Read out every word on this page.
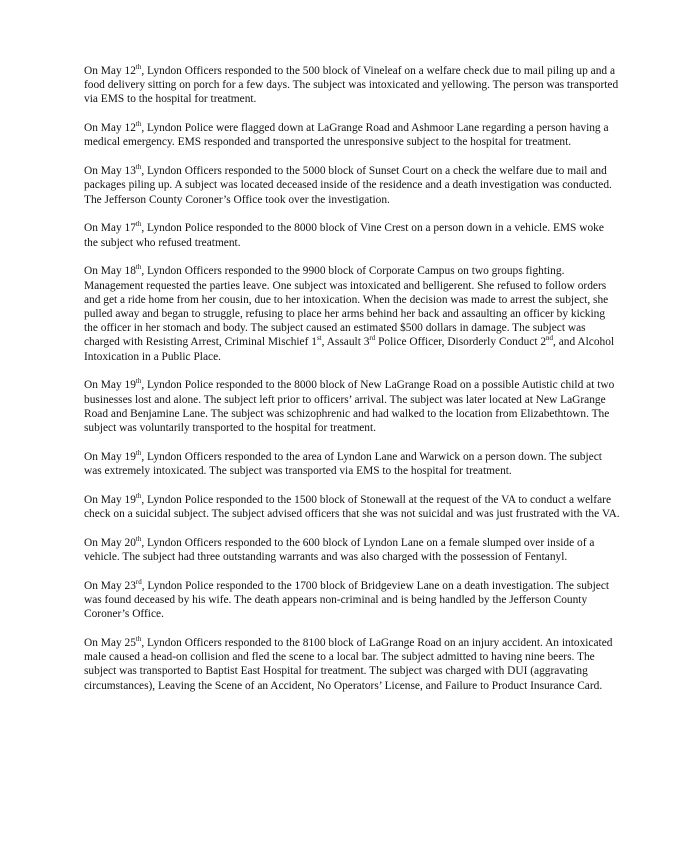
On May 12th, Lyndon Officers responded to the 500 block of Vineleaf on a welfare check due to mail piling up and a food delivery sitting on porch for a few days. The subject was intoxicated and yellowing. The person was transported via EMS to the hospital for treatment.

On May 12th, Lyndon Police were flagged down at LaGrange Road and Ashmoor Lane regarding a person having a medical emergency. EMS responded and transported the unresponsive subject to the hospital for treatment.

On May 13th, Lyndon Officers responded to the 5000 block of Sunset Court on a check the welfare due to mail and packages piling up. A subject was located deceased inside of the residence and a death investigation was conducted. The Jefferson County Coroner’s Office took over the investigation.

On May 17th, Lyndon Police responded to the 8000 block of Vine Crest on a person down in a vehicle. EMS woke the subject who refused treatment.

On May 18th, Lyndon Officers responded to the 9900 block of Corporate Campus on two groups fighting. Management requested the parties leave. One subject was intoxicated and belligerent. She refused to follow orders and get a ride home from her cousin, due to her intoxication. When the decision was made to arrest the subject, she pulled away and began to struggle, refusing to place her arms behind her back and assaulting an officer by kicking the officer in her stomach and body. The subject caused an estimated $500 dollars in damage. The subject was charged with Resisting Arrest, Criminal Mischief 1st, Assault 3rd Police Officer, Disorderly Conduct 2nd, and Alcohol Intoxication in a Public Place.

On May 19th, Lyndon Police responded to the 8000 block of New LaGrange Road on a possible Autistic child at two businesses lost and alone. The subject left prior to officers’ arrival. The subject was later located at New LaGrange Road and Benjamine Lane. The subject was schizophrenic and had walked to the location from Elizabethtown. The subject was voluntarily transported to the hospital for treatment.

On May 19th, Lyndon Officers responded to the area of Lyndon Lane and Warwick on a person down. The subject was extremely intoxicated. The subject was transported via EMS to the hospital for treatment.

On May 19th, Lyndon Police responded to the 1500 block of Stonewall at the request of the VA to conduct a welfare check on a suicidal subject. The subject advised officers that she was not suicidal and was just frustrated with the VA.

On May 20th, Lyndon Officers responded to the 600 block of Lyndon Lane on a female slumped over inside of a vehicle. The subject had three outstanding warrants and was also charged with the possession of Fentanyl.

On May 23rd, Lyndon Police responded to the 1700 block of Bridgeview Lane on a death investigation. The subject was found deceased by his wife. The death appears non-criminal and is being handled by the Jefferson County Coroner’s Office.

On May 25th, Lyndon Officers responded to the 8100 block of LaGrange Road on an injury accident. An intoxicated male caused a head-on collision and fled the scene to a local bar. The subject admitted to having nine beers. The subject was transported to Baptist East Hospital for treatment. The subject was charged with DUI (aggravating circumstances), Leaving the Scene of an Accident, No Operators’ License, and Failure to Product Insurance Card.
